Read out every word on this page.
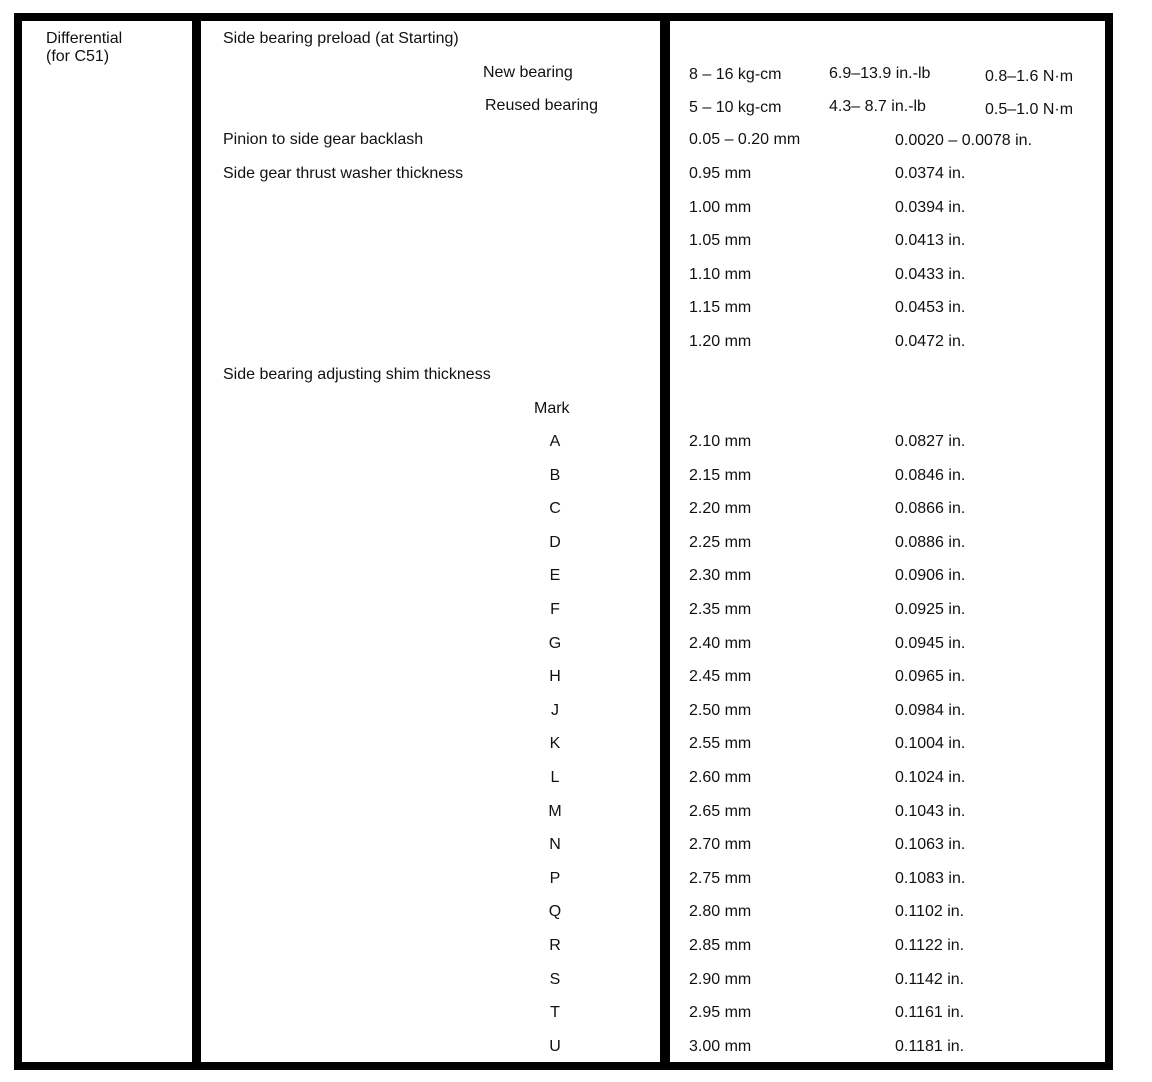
Differential
(for C51)
Side bearing preload (at Starting)
New bearing	8 – 16 kg-cm	6.9–13.9 in.-lb	0.8–1.6 N·m
Reused bearing	5 – 10 kg-cm	4.3– 8.7 in.-lb	0.5–1.0 N·m
Pinion to side gear backlash	0.05 – 0.20 mm	0.0020 – 0.0078 in.
Side gear thrust washer thickness	0.95 mm	0.0374 in.
1.00 mm	0.0394 in.
1.05 mm	0.0413 in.
1.10 mm	0.0433 in.
1.15 mm	0.0453 in.
1.20 mm	0.0472 in.
Side bearing adjusting shim thickness
Mark
A	2.10 mm	0.0827 in.
B	2.15 mm	0.0846 in.
C	2.20 mm	0.0866 in.
D	2.25 mm	0.0886 in.
E	2.30 mm	0.0906 in.
F	2.35 mm	0.0925 in.
G	2.40 mm	0.0945 in.
H	2.45 mm	0.0965 in.
J	2.50 mm	0.0984 in.
K	2.55 mm	0.1004 in.
L	2.60 mm	0.1024 in.
M	2.65 mm	0.1043 in.
N	2.70 mm	0.1063 in.
P	2.75 mm	0.1083 in.
Q	2.80 mm	0.1102 in.
R	2.85 mm	0.1122 in.
S	2.90 mm	0.1142 in.
T	2.95 mm	0.1161 in.
U	3.00 mm	0.1181 in.
